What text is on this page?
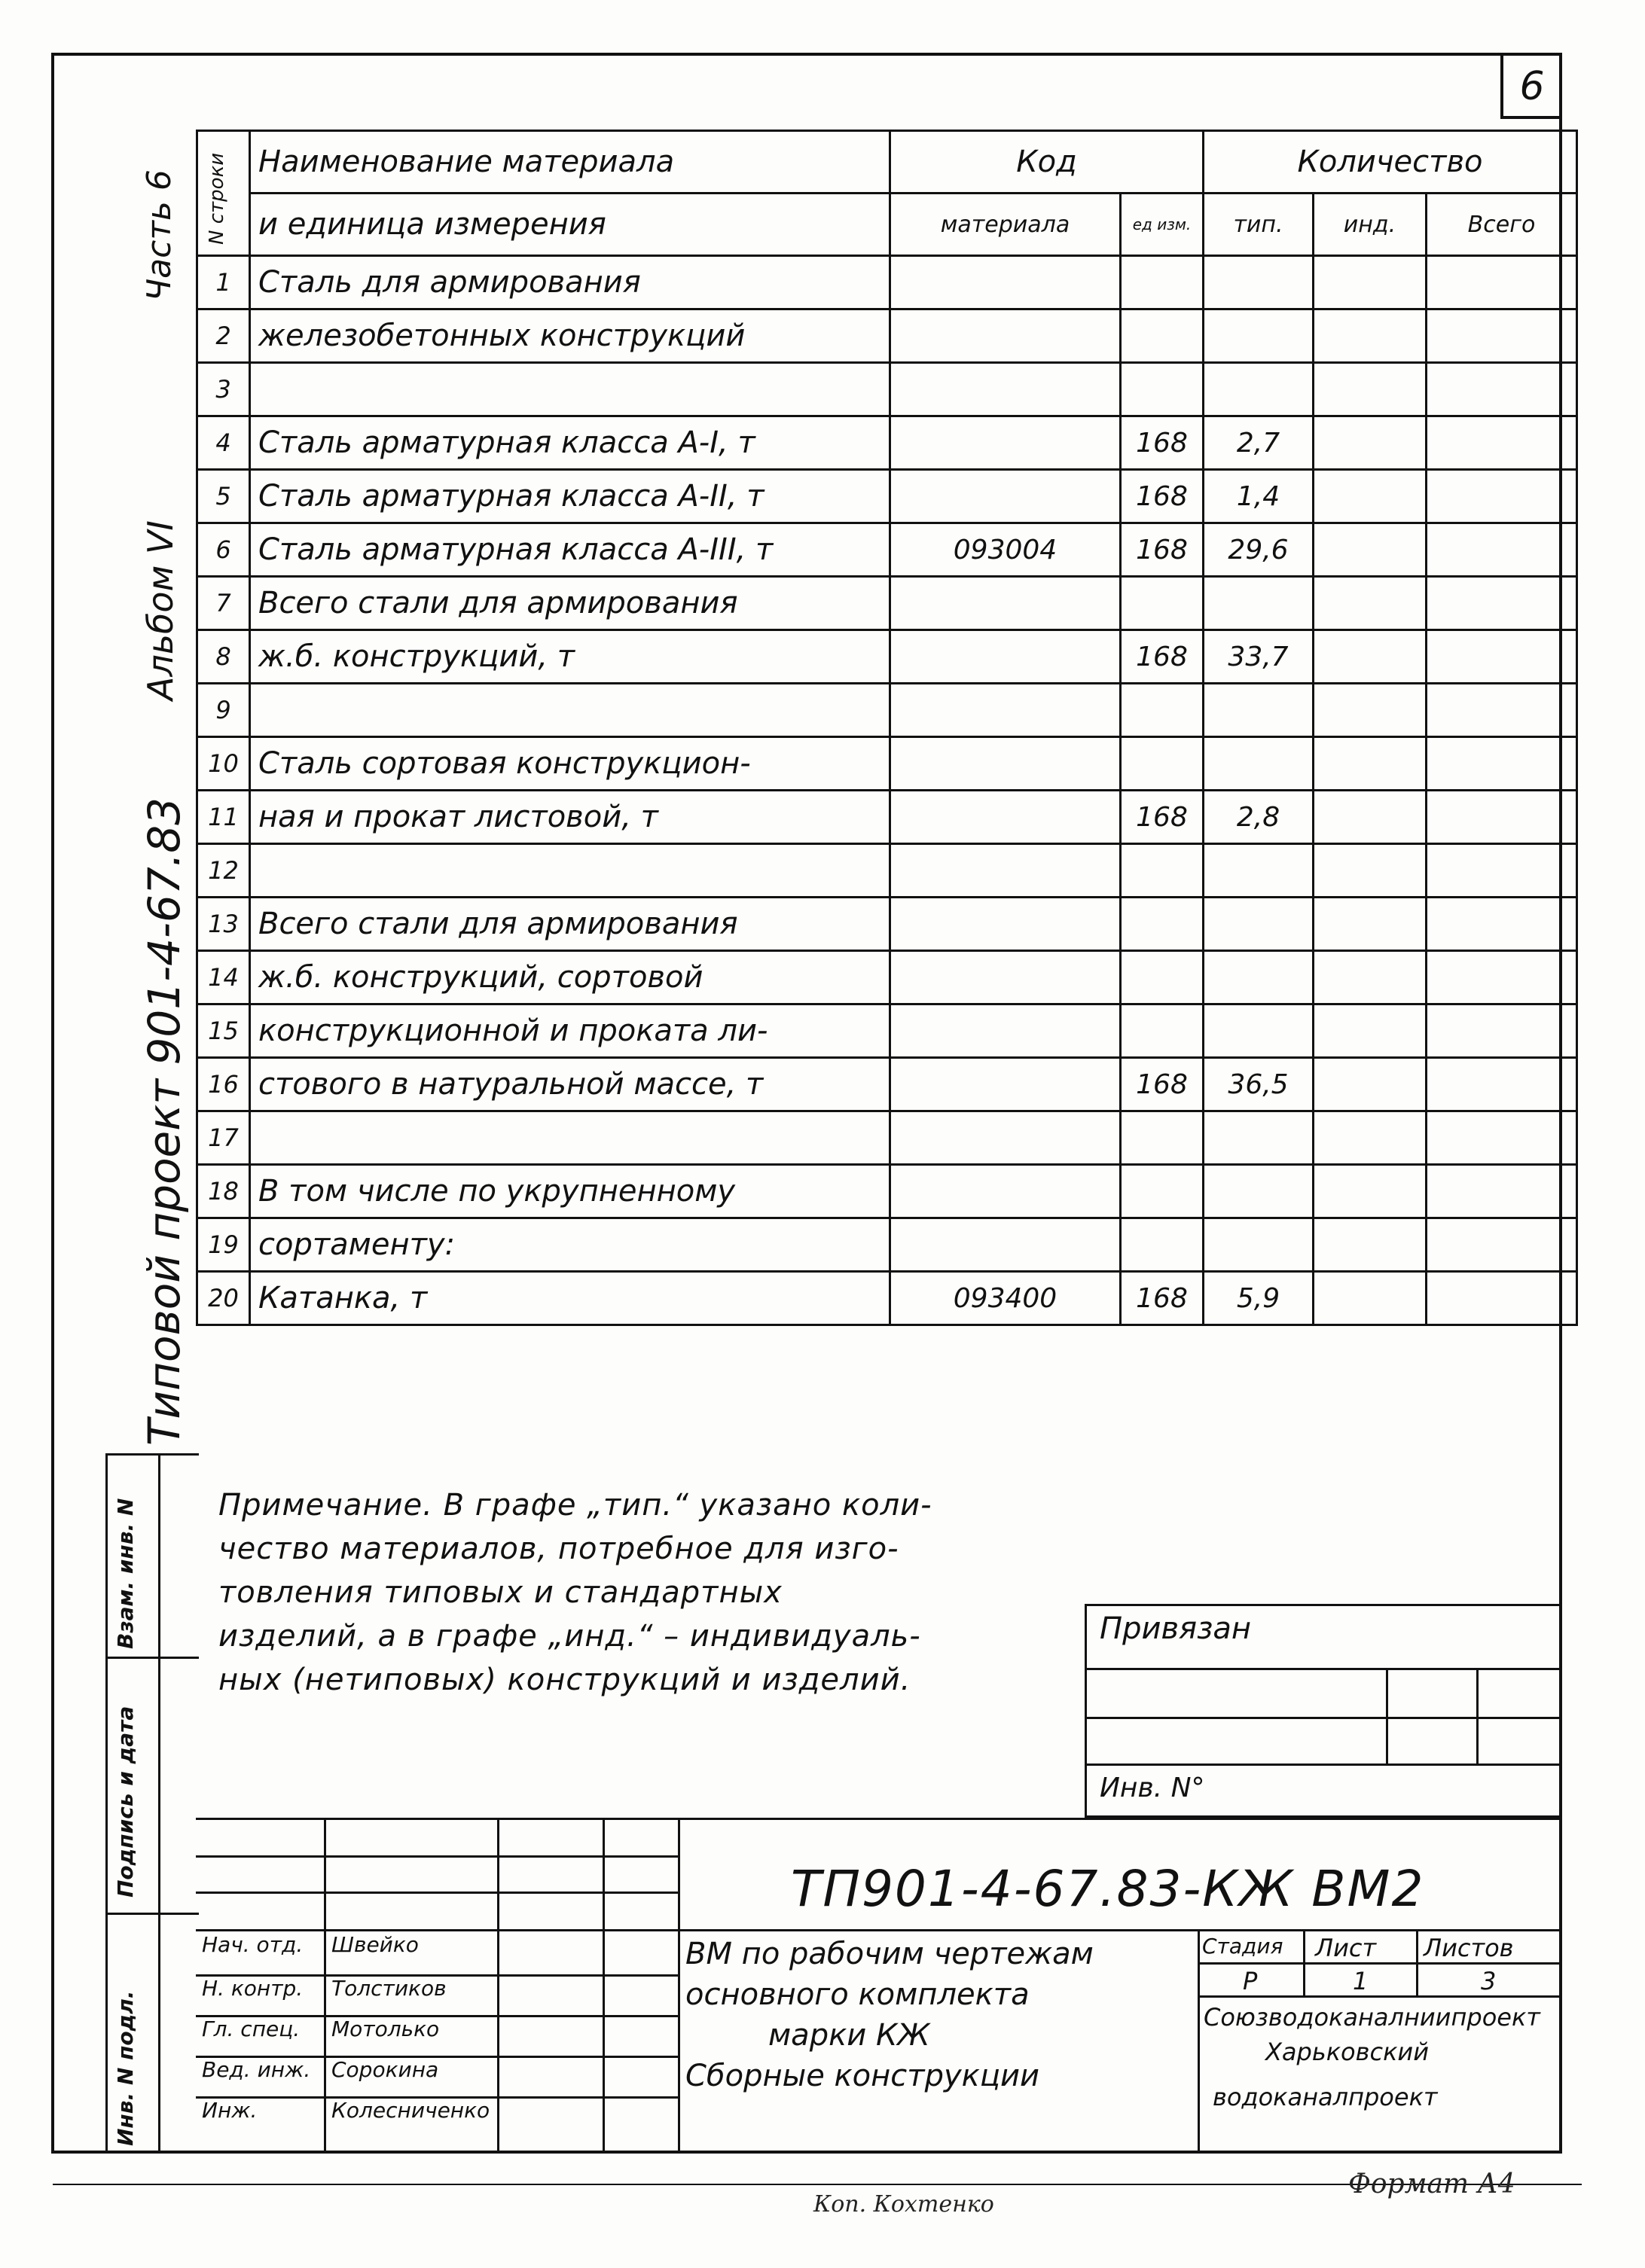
6
Часть 6
Альбом VI
Типовой проект 901-4-67.83
N строки	Наименование материала	Код		Количество		
	и единица измерения	материала	ед изм.	тип.	инд.	Всего
1	Сталь для армирования					
2	железобетонных конструкций					
3						
4	Сталь арматурная класса А-I, т		168	2,7		
5	Сталь арматурная класса А-II, т		168	1,4		
6	Сталь арматурная класса А-III, т	093004	168	29,6		
7	Всего стали для армирования					
8	ж.б. конструкций, т		168	33,7		
9						
10	Сталь сортовая конструкцион-					
11	ная и прокат листовой, т		168	2,8		
12						
13	Всего стали для армирования					
14	ж.б. конструкций, сортовой					
15	конструкционной и проката ли-					
16	стового в натуральной массе, т		168	36,5		
17						
18	В том числе по укрупненному					
19	сортаменту:					
20	Катанка, т	093400	168	5,9		
Взам. инв. N
Подпись и дата
Инв. N подл.
Примечание. В графе „тип.“ указано коли-
чество материалов, потребное для изго-
товления типовых и стандартных
изделий, а в графе „инд.“ – индивидуаль-
ных (нетиповых) конструкций и изделий.
Привязан
Инв. N°
ТП901-4-67.83-КЖ ВМ2
Нач. отд. Швейко
Н. контр. Толстиков
Гл. спец. Мотолько
Вед. инж. Сорокина
Инж.	Колесниченко
ВМ по рабочим чертежам
основного комплекта
марки КЖ
Сборные конструкции
Стадия Лист Листов
Р	1	3
Союзводоканалниипроект
Харьковский
водоканалпроект
Коп. Кохтенко
Формат А4
